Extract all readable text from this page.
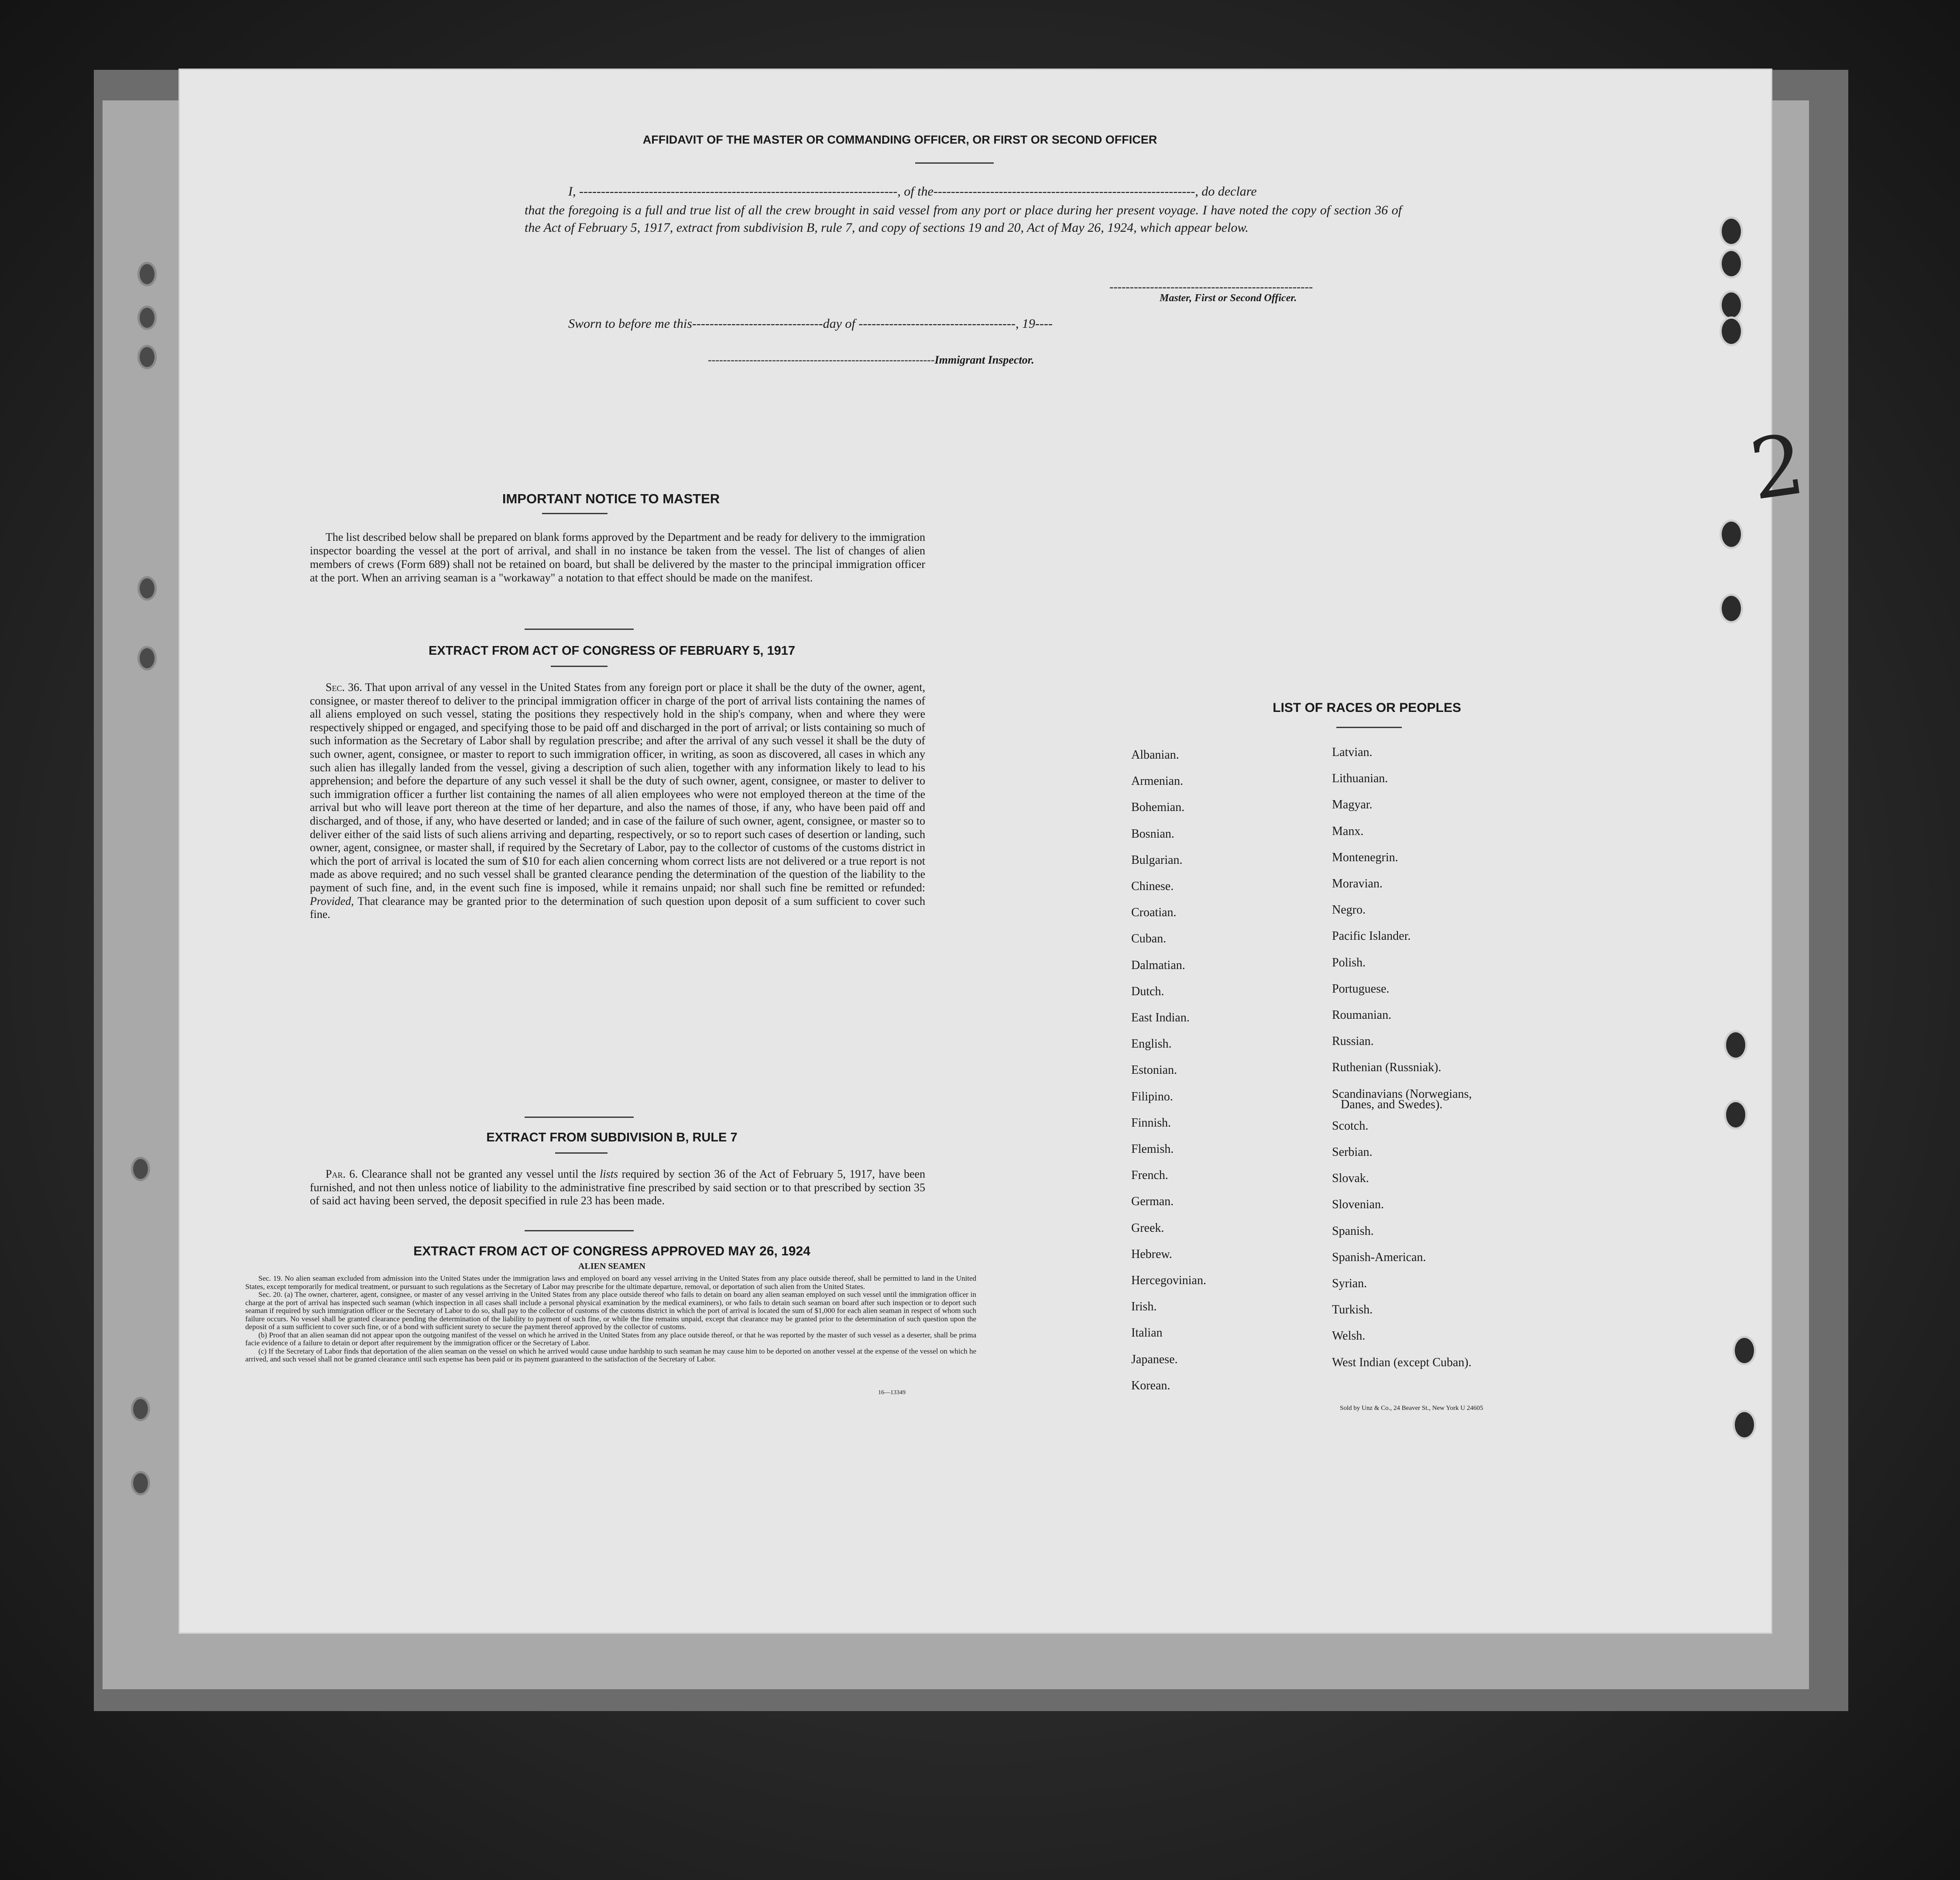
2
AFFIDAVIT OF THE MASTER OR COMMANDING OFFICER, OR FIRST OR SECOND OFFICER
I, -------------------------------------------------------------------------, of the------------------------------------------------------------, do declare
that the foregoing is a full and true list of all the crew brought in said vessel from any port or place during her present voyage. I have noted the copy of section 36 of the Act of February 5, 1917, extract from subdivision B, rule 7, and copy of sections 19 and 20, Act of May 26, 1924, which appear below.
--------------------------------------------------
Master, First or Second Officer.
Sworn to before me this------------------------------day of ------------------------------------, 19----
------------------------------------------------------------Immigrant Inspector.
IMPORTANT NOTICE TO MASTER
The list described below shall be prepared on blank forms approved by the Department and be ready for delivery to the immigration inspector boarding the vessel at the port of arrival, and shall in no instance be taken from the vessel. The list of changes of alien members of crews (Form 689) shall not be retained on board, but shall be delivered by the master to the principal immigration officer at the port. When an arriving seaman is a "workaway" a notation to that effect should be made on the manifest.
EXTRACT FROM ACT OF CONGRESS OF FEBRUARY 5, 1917
Sec. 36. That upon arrival of any vessel in the United States from any foreign port or place it shall be the duty of the owner, agent, consignee, or master thereof to deliver to the principal immigration officer in charge of the port of arrival lists containing the names of all aliens employed on such vessel, stating the positions they respectively hold in the ship's company, when and where they were respectively shipped or engaged, and specifying those to be paid off and discharged in the port of arrival; or lists containing so much of such information as the Secretary of Labor shall by regulation prescribe; and after the arrival of any such vessel it shall be the duty of such owner, agent, consignee, or master to report to such immigration officer, in writing, as soon as discovered, all cases in which any such alien has illegally landed from the vessel, giving a description of such alien, together with any information likely to lead to his apprehension; and before the departure of any such vessel it shall be the duty of such owner, agent, consignee, or master to deliver to such immigration officer a further list containing the names of all alien employees who were not employed thereon at the time of the arrival but who will leave port thereon at the time of her departure, and also the names of those, if any, who have been paid off and discharged, and of those, if any, who have deserted or landed; and in case of the failure of such owner, agent, consignee, or master so to deliver either of the said lists of such aliens arriving and departing, respectively, or so to report such cases of desertion or landing, such owner, agent, consignee, or master shall, if required by the Secretary of Labor, pay to the collector of customs of the customs district in which the port of arrival is located the sum of $10 for each alien concerning whom correct lists are not delivered or a true report is not made as above required; and no such vessel shall be granted clearance pending the determination of the question of the liability to the payment of such fine, and, in the event such fine is imposed, while it remains unpaid; nor shall such fine be remitted or refunded: Provided, That clearance may be granted prior to the determination of such question upon deposit of a sum sufficient to cover such fine.
EXTRACT FROM SUBDIVISION B, RULE 7
Par. 6. Clearance shall not be granted any vessel until the lists required by section 36 of the Act of February 5, 1917, have been furnished, and not then unless notice of liability to the administrative fine prescribed by said section or to that prescribed by section 35 of said act having been served, the deposit specified in rule 23 has been made.
EXTRACT FROM ACT OF CONGRESS APPROVED MAY 26, 1924
ALIEN SEAMEN
Sec. 19. No alien seaman excluded from admission into the United States under the immigration laws and employed on board any vessel arriving in the United States from any place outside thereof, shall be permitted to land in the United States, except temporarily for medical treatment, or pursuant to such regulations as the Secretary of Labor may prescribe for the ultimate departure, removal, or deportation of such alien from the United States.
Sec. 20. (a) The owner, charterer, agent, consignee, or master of any vessel arriving in the United States from any place outside thereof who fails to detain on board any alien seaman employed on such vessel until the immigration officer in charge at the port of arrival has inspected such seaman (which inspection in all cases shall include a personal physical examination by the medical examiners), or who fails to detain such seaman on board after such inspection or to deport such seaman if required by such immigration officer or the Secretary of Labor to do so, shall pay to the collector of customs of the customs district in which the port of arrival is located the sum of $1,000 for each alien seaman in respect of whom such failure occurs. No vessel shall be granted clearance pending the determination of the liability to payment of such fine, or while the fine remains unpaid, except that clearance may be granted prior to the determination of such question upon the deposit of a sum sufficient to cover such fine, or of a bond with sufficient surety to secure the payment thereof approved by the collector of customs.
(b) Proof that an alien seaman did not appear upon the outgoing manifest of the vessel on which he arrived in the United States from any place outside thereof, or that he was reported by the master of such vessel as a deserter, shall be prima facie evidence of a failure to detain or deport after requirement by the immigration officer or the Secretary of Labor.
(c) If the Secretary of Labor finds that deportation of the alien seaman on the vessel on which he arrived would cause undue hardship to such seaman he may cause him to be deported on another vessel at the expense of the vessel on which he arrived, and such vessel shall not be granted clearance until such expense has been paid or its payment guaranteed to the satisfaction of the Secretary of Labor.
16—13349
LIST OF RACES OR PEOPLES
Albanian.
Armenian.
Bohemian.
Bosnian.
Bulgarian.
Chinese.
Croatian.
Cuban.
Dalmatian.
Dutch.
East Indian.
English.
Estonian.
Filipino.
Finnish.
Flemish.
French.
German.
Greek.
Hebrew.
Hercegovinian.
Irish.
Italian
Japanese.
Korean.
Latvian.
Lithuanian.
Magyar.
Manx.
Montenegrin.
Moravian.
Negro.
Pacific Islander.
Polish.
Portuguese.
Roumanian.
Russian.
Ruthenian (Russniak).
Scandinavians (Norwegians,
Scotch.
Serbian.
Slovak.
Slovenian.
Spanish.
Spanish-American.
Syrian.
Turkish.
Welsh.
West Indian (except Cuban).
Danes, and Swedes).
Sold by Unz & Co., 24 Beaver St., New York U 24605
